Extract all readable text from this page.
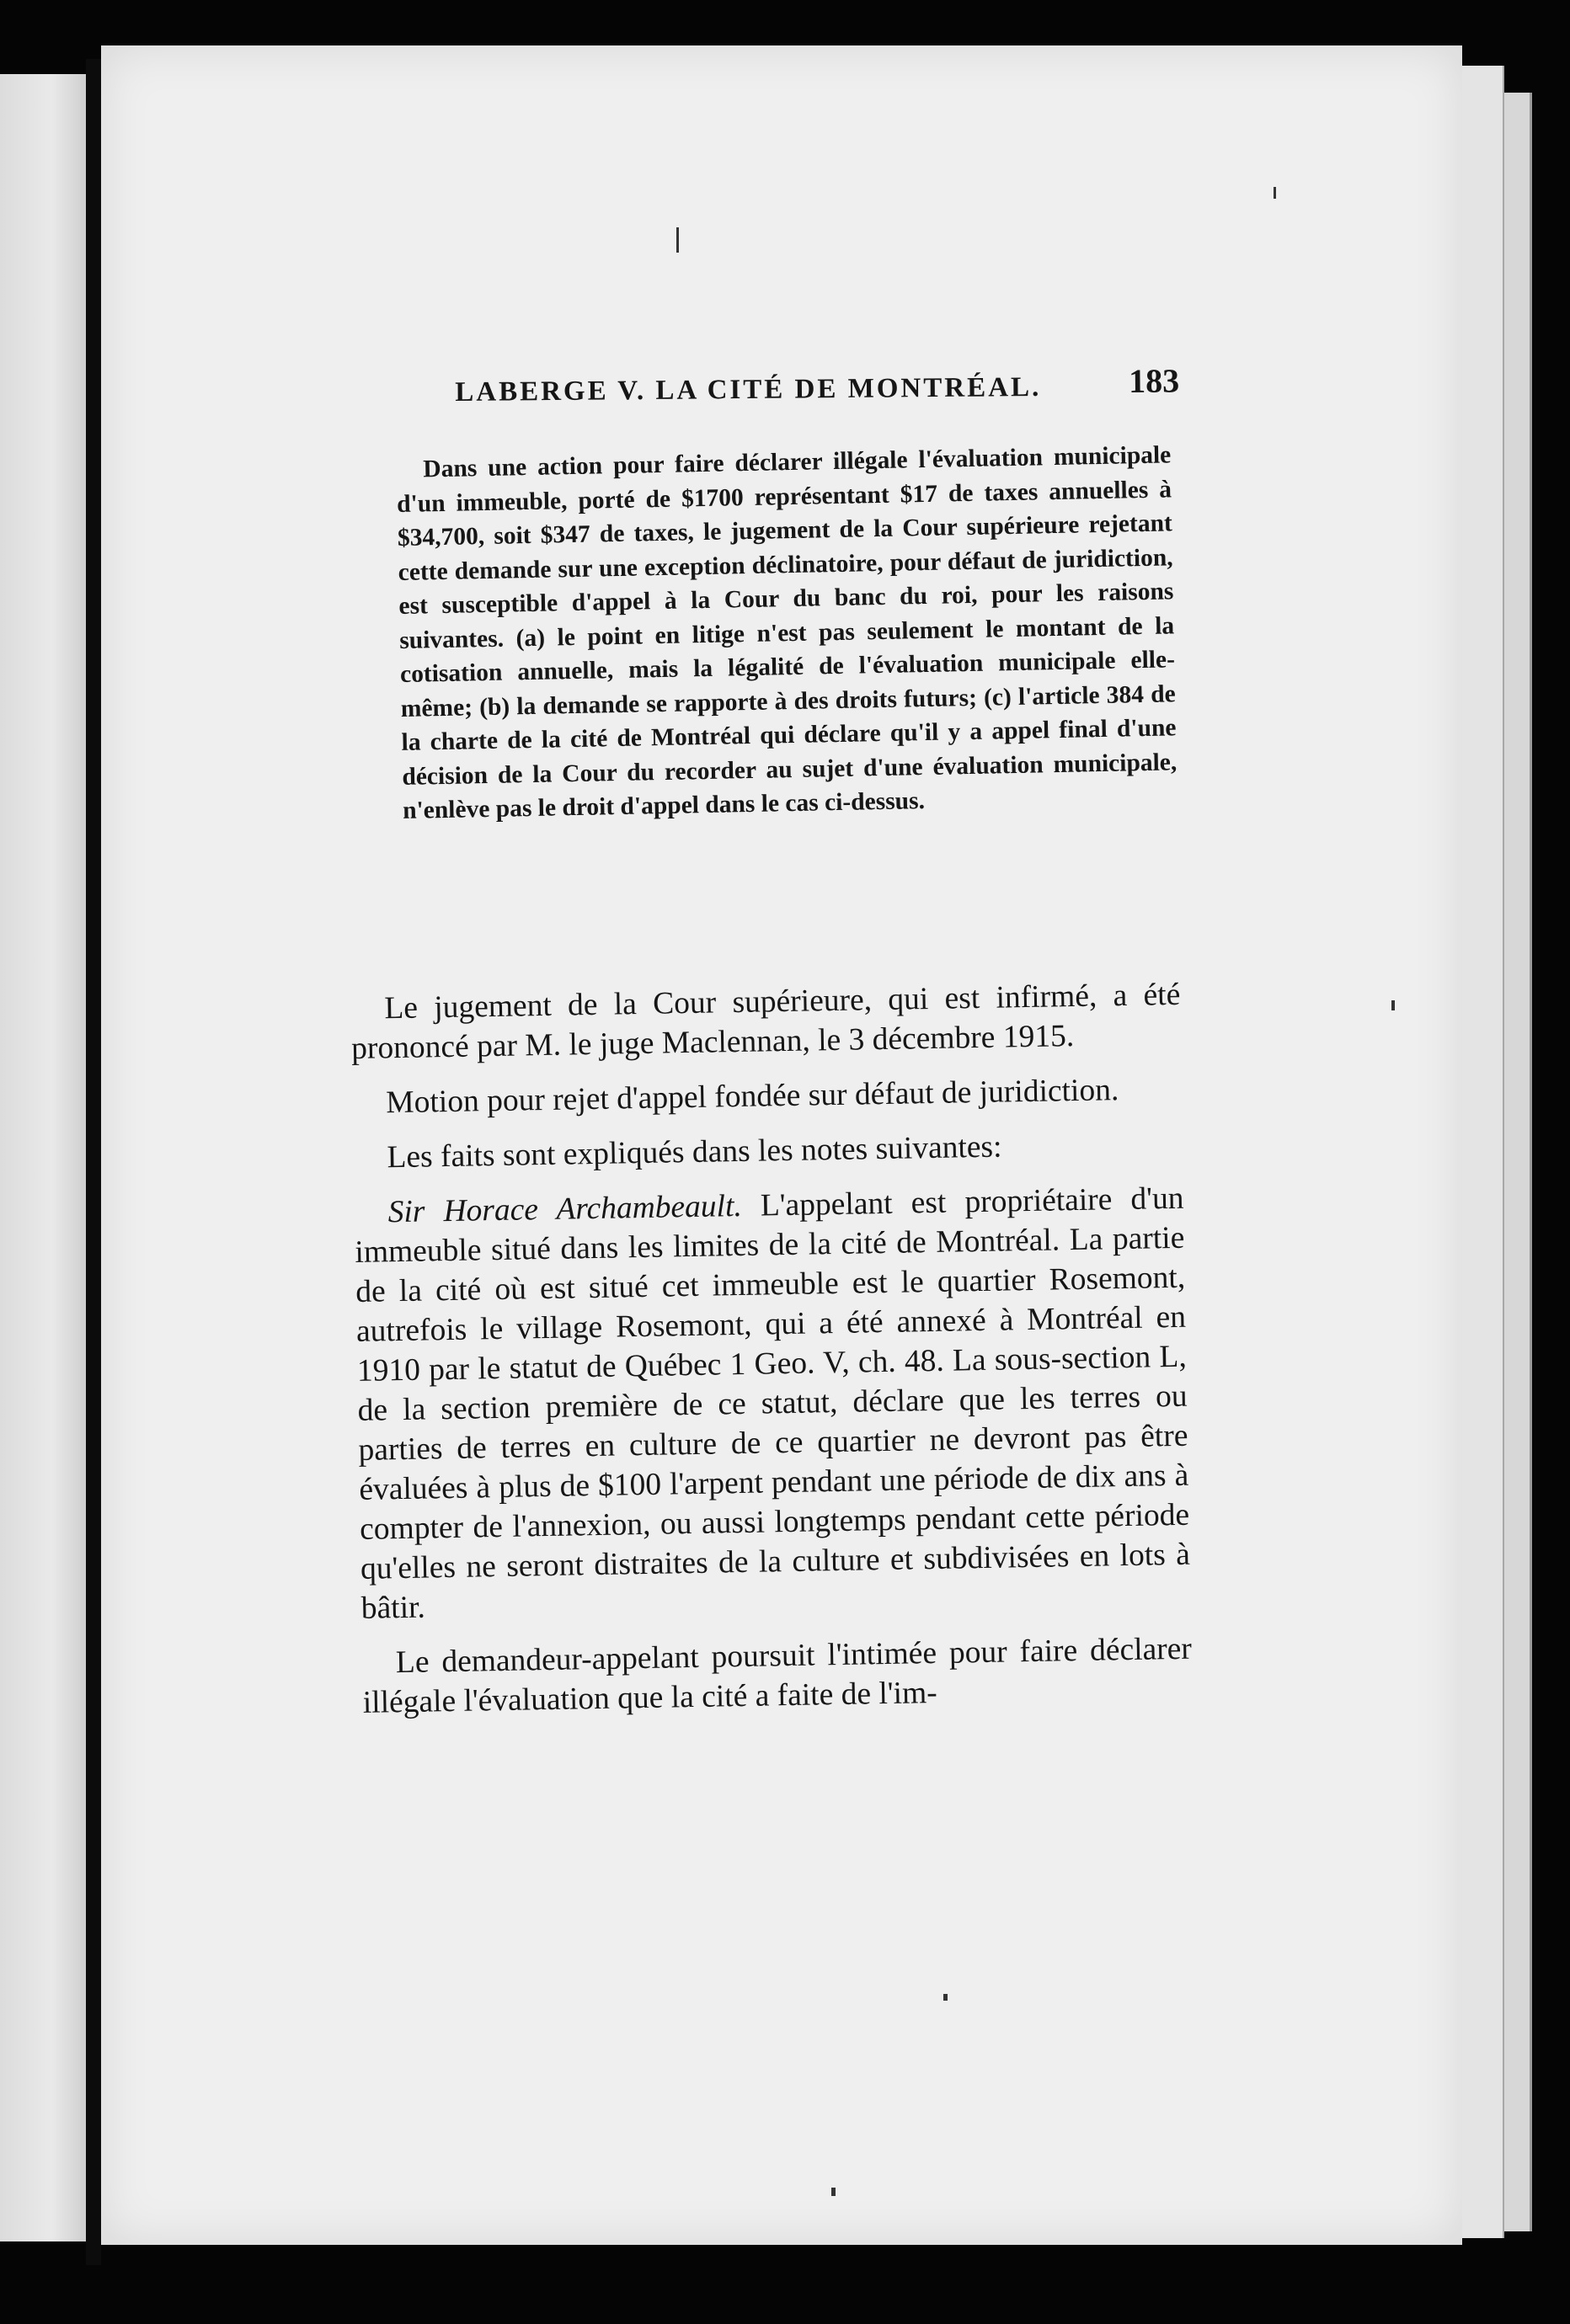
LABERGE V. LA CITÉ DE MONTRÉAL.	183

Dans une action pour faire déclarer illégale l'évaluation municipale d'un immeuble, porté de $1700 représentant $17 de taxes annuelles à $34,700, soit $347 de taxes, le jugement de la Cour supérieure rejetant cette demande sur une exception déclinatoire, pour défaut de juridiction, est susceptible d'appel à la Cour du banc du roi, pour les raisons suivantes. (a) le point en litige n'est pas seulement le montant de la cotisation annuelle, mais la légalité de l'évaluation municipale elle-même; (b) la demande se rapporte à des droits futurs; (c) l'article 384 de la charte de la cité de Montréal qui déclare qu'il y a appel final d'une décision de la Cour du recorder au sujet d'une évaluation municipale, n'enlève pas le droit d'appel dans le cas ci-dessus.

Le jugement de la Cour supérieure, qui est infirmé, a été prononcé par M. le juge Maclennan, le 3 décembre 1915.

Motion pour rejet d'appel fondée sur défaut de juridiction.

Les faits sont expliqués dans les notes suivantes:

Sir Horace Archambeault. L'appelant est propriétaire d'un immeuble situé dans les limites de la cité de Montréal. La partie de la cité où est situé cet immeuble est le quartier Rosemont, autrefois le village Rosemont, qui a été annexé à Montréal en 1910 par le statut de Québec 1 Geo. V, ch. 48. La sous-section L, de la section première de ce statut, déclare que les terres ou parties de terres en culture de ce quartier ne devront pas être évaluées à plus de $100 l'arpent pendant une période de dix ans à compter de l'annexion, ou aussi longtemps pendant cette période qu'elles ne seront distraites de la culture et subdivisées en lots à bâtir.

Le demandeur-appelant poursuit l'intimée pour faire déclarer illégale l'évaluation que la cité a faite de l'im-
